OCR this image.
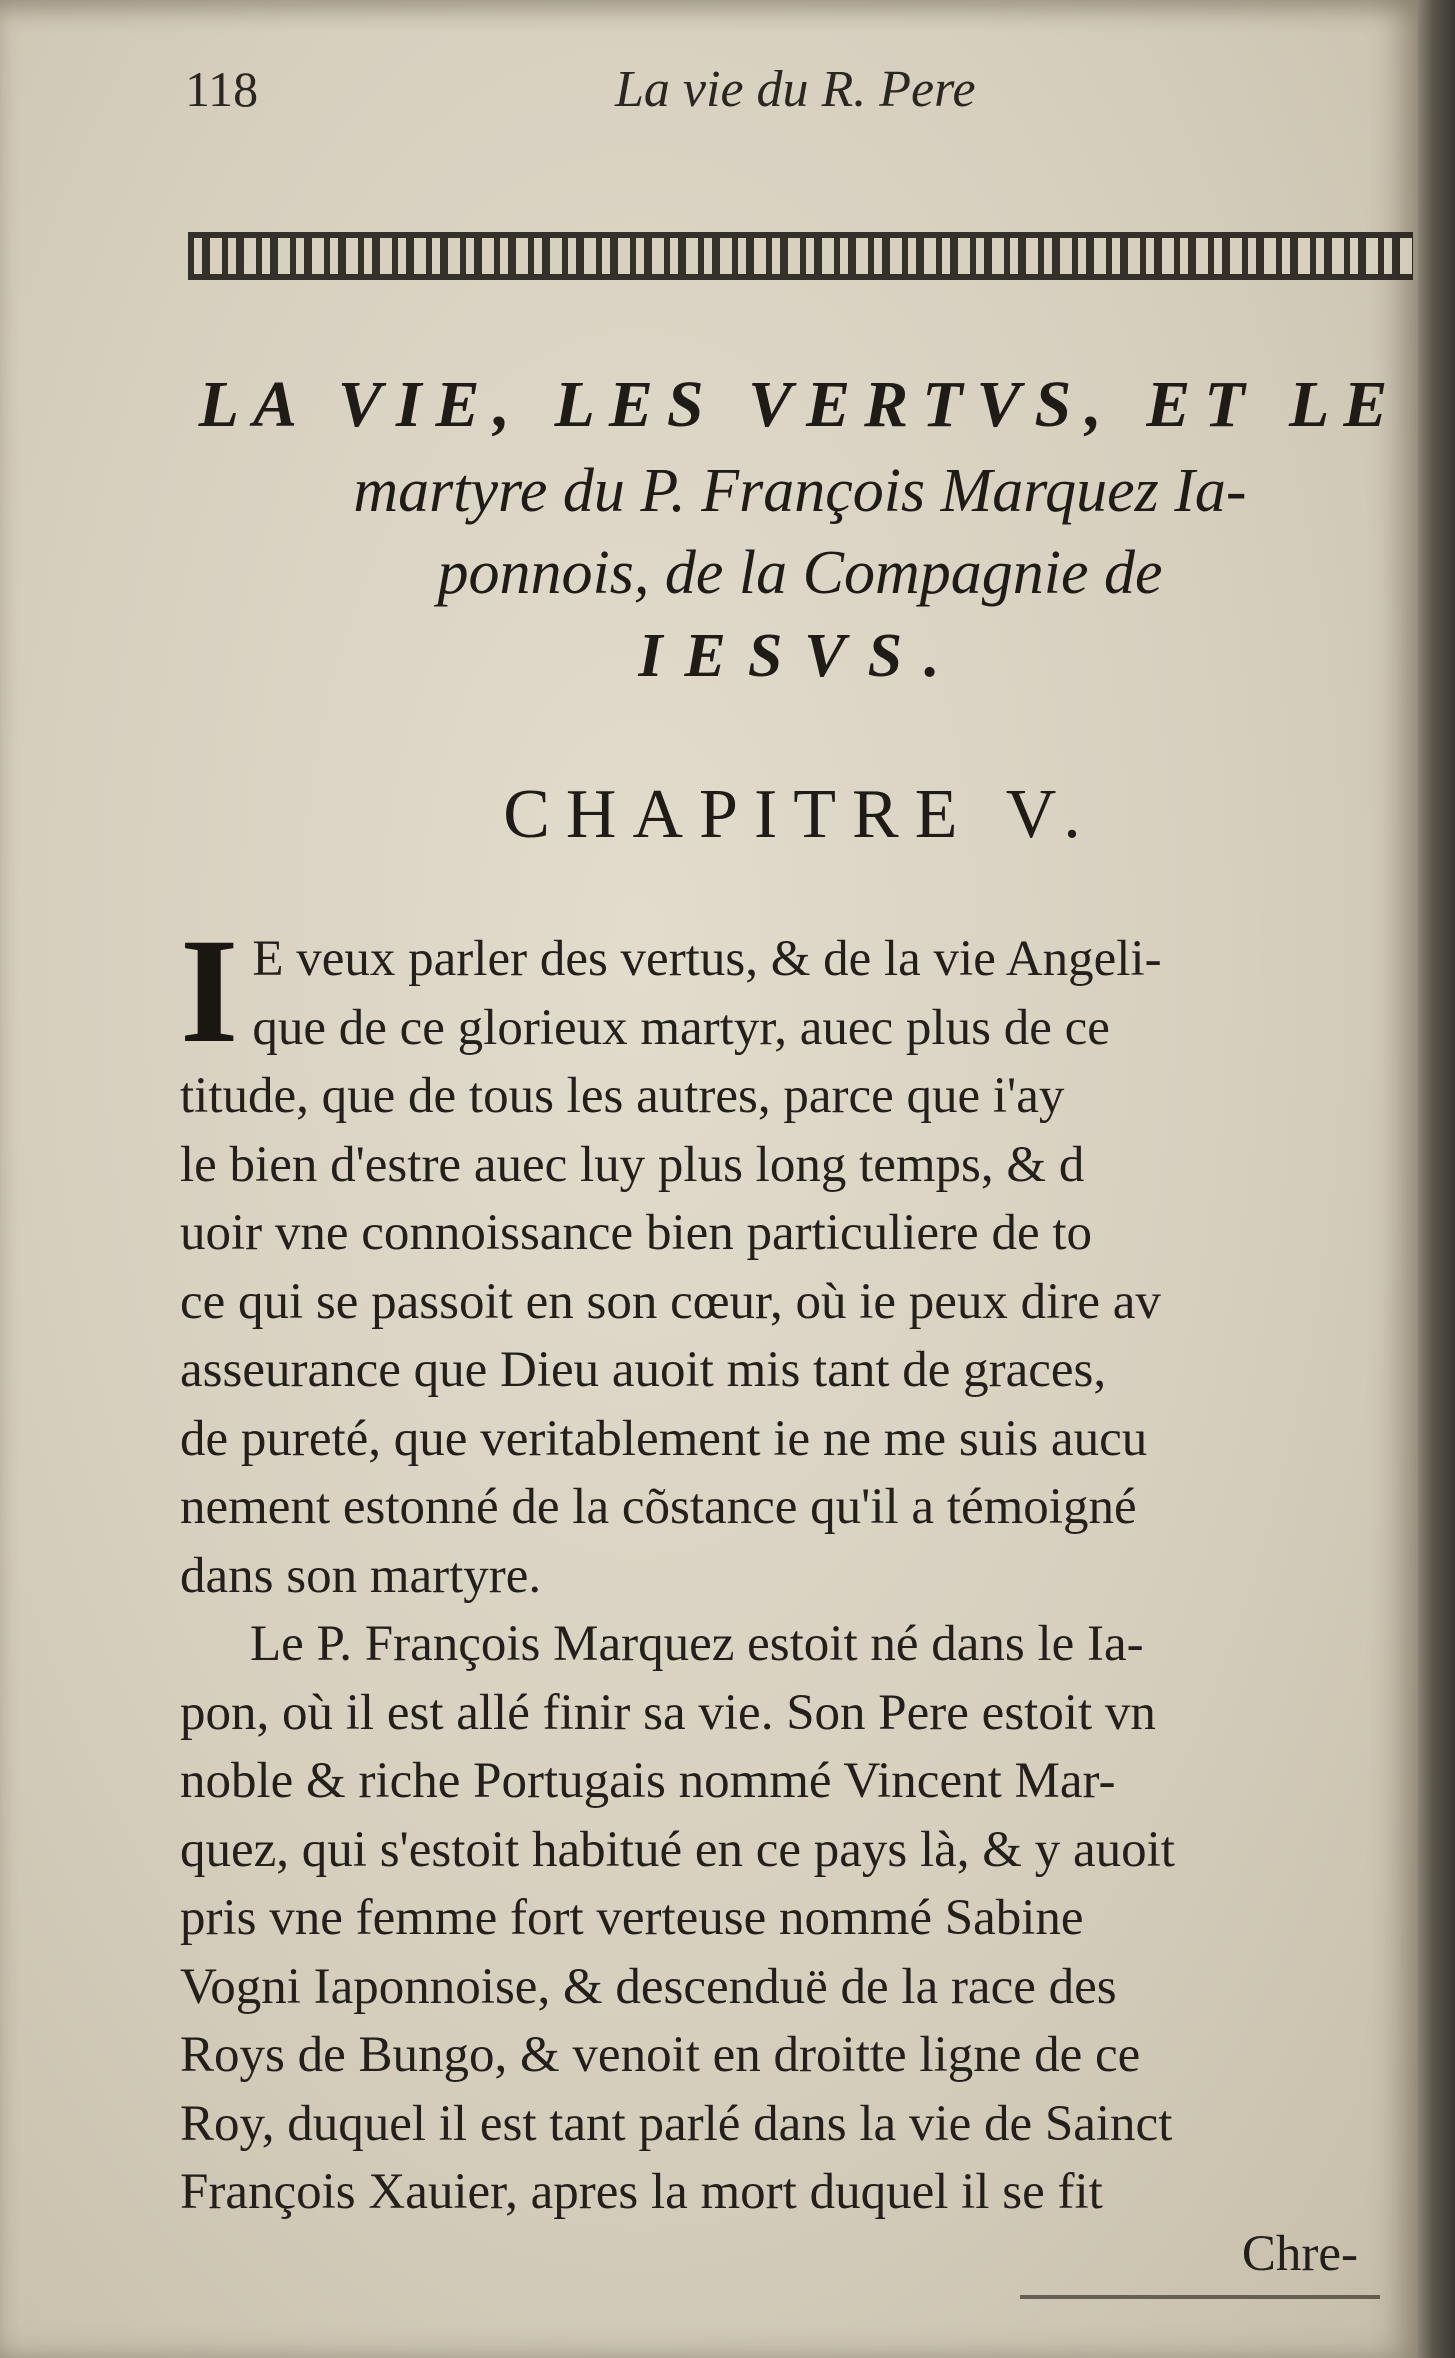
118	La vie du R. Pere
LA VIE, LES VERTVS, ET LE
martyre du P. François Marquez Ia-
ponnois, de la Compagnie de
IESVS.
CHAPITRE V.
I E veux parler des vertus, & de la vie Angeli-
que de ce glorieux martyr, auec plus de ce
titude, que de tous les autres, parce que i'ay
le bien d'estre auec luy plus long temps, & d
uoir vne connoissance bien particuliere de to
ce qui se passoit en son cœur, où ie peux dire av
asseurance que Dieu auoit mis tant de graces,
de pureté, que veritablement ie ne me suis aucu
nement estonné de la cõstance qu'il a témoigné
dans son martyre.
Le P. François Marquez estoit né dans le Ia-
pon, où il est allé finir sa vie. Son Pere estoit vn
noble & riche Portugais nommé Vincent Mar-
quez, qui s'estoit habitué en ce pays là, & y auoit
pris vne femme fort verteuse nommé Sabine
Vogni Iaponnoise, & descenduë de la race des
Roys de Bungo, & venoit en droitte ligne de ce
Roy, duquel il est tant parlé dans la vie de Sainct
François Xauier, apres la mort duquel il se fit
Chre-
